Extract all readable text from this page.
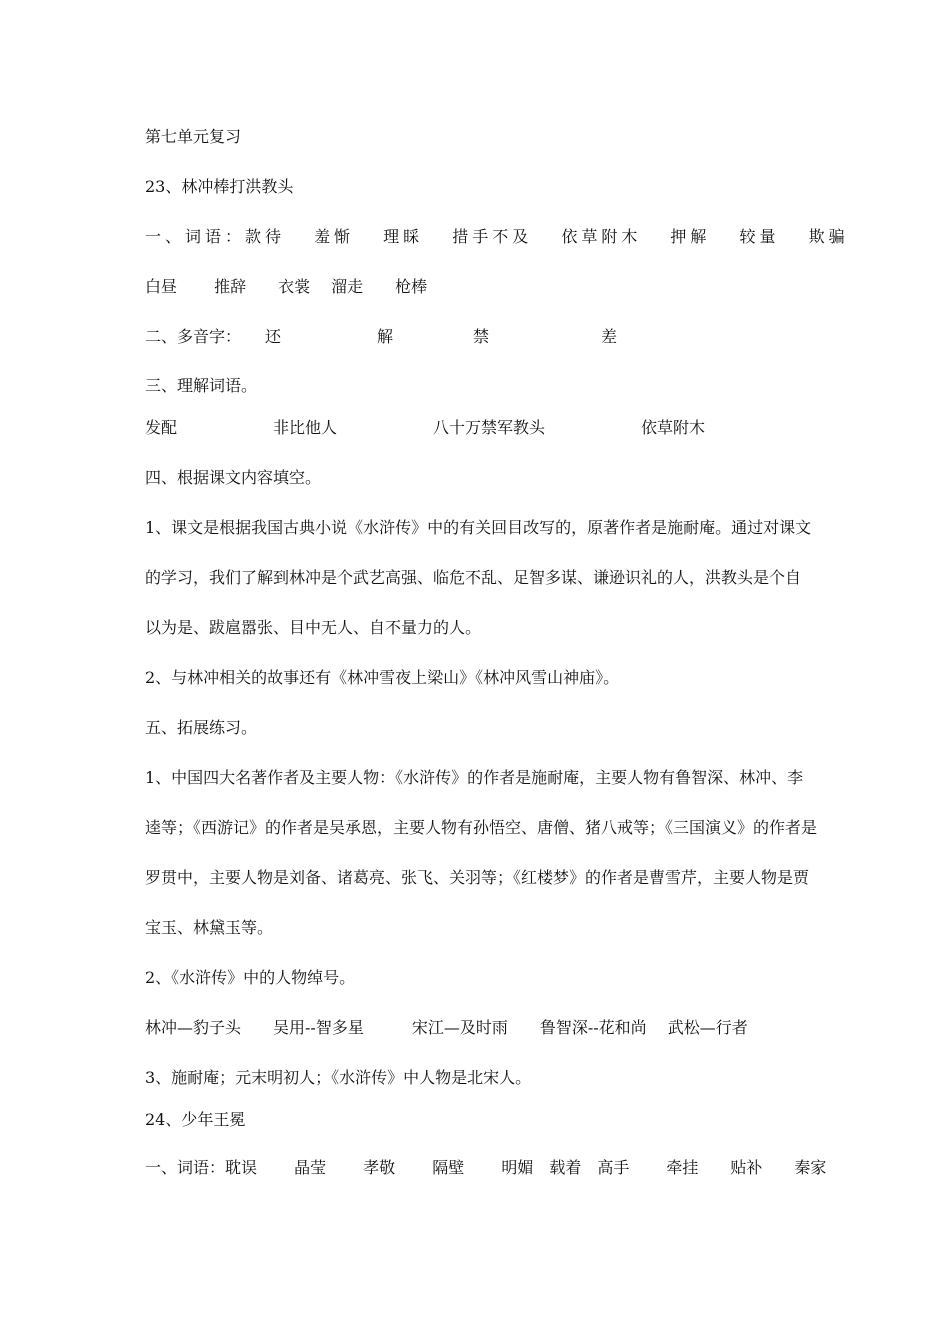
第七单元复习
23、林冲棒打洪教头
一、词语：款待　 羞惭　 理睬　 措手不及　 依草附木　 押解　 较量　 欺骗
白昼　　 推辞　　衣裳　 溜走　　枪棒
二、多音字：　　还　　　　　　解　　　　　禁　　　　　　　差
三、理解词语。
发配　　　　　　非比他人　　　　　　八十万禁军教头　　　　　　依草附木
四、根据课文内容填空。
1、课文是根据我国古典小说《水浒传》中的有关回目改写的，原著作者是施耐庵。通过对课文
的学习，我们了解到林冲是个武艺高强、临危不乱、足智多谋、谦逊识礼的人，洪教头是个自
以为是、跋扈嚣张、目中无人、自不量力的人。
2、与林冲相关的故事还有《林冲雪夜上梁山》《林冲风雪山神庙》。
五、拓展练习。
1、中国四大名著作者及主要人物：《水浒传》的作者是施耐庵，主要人物有鲁智深、林冲、李
逵等；《西游记》的作者是吴承恩，主要人物有孙悟空、唐僧、猪八戒等；《三国演义》的作者是
罗贯中，主要人物是刘备、诸葛亮、张飞、关羽等；《红楼梦》的作者是曹雪芹，主要人物是贾
宝玉、林黛玉等。
2、《水浒传》中的人物绰号。
林冲—豹子头　　吴用--智多星　　　宋江—及时雨　　鲁智深--花和尚　 武松—行者
3、施耐庵；元末明初人；《水浒传》中人物是北宋人。
24、少年王冕
一、词语：耽误　　 晶莹　　 孝敬　　 隔壁　　 明媚　载着　高手　　 牵挂　　贴补　　秦家
